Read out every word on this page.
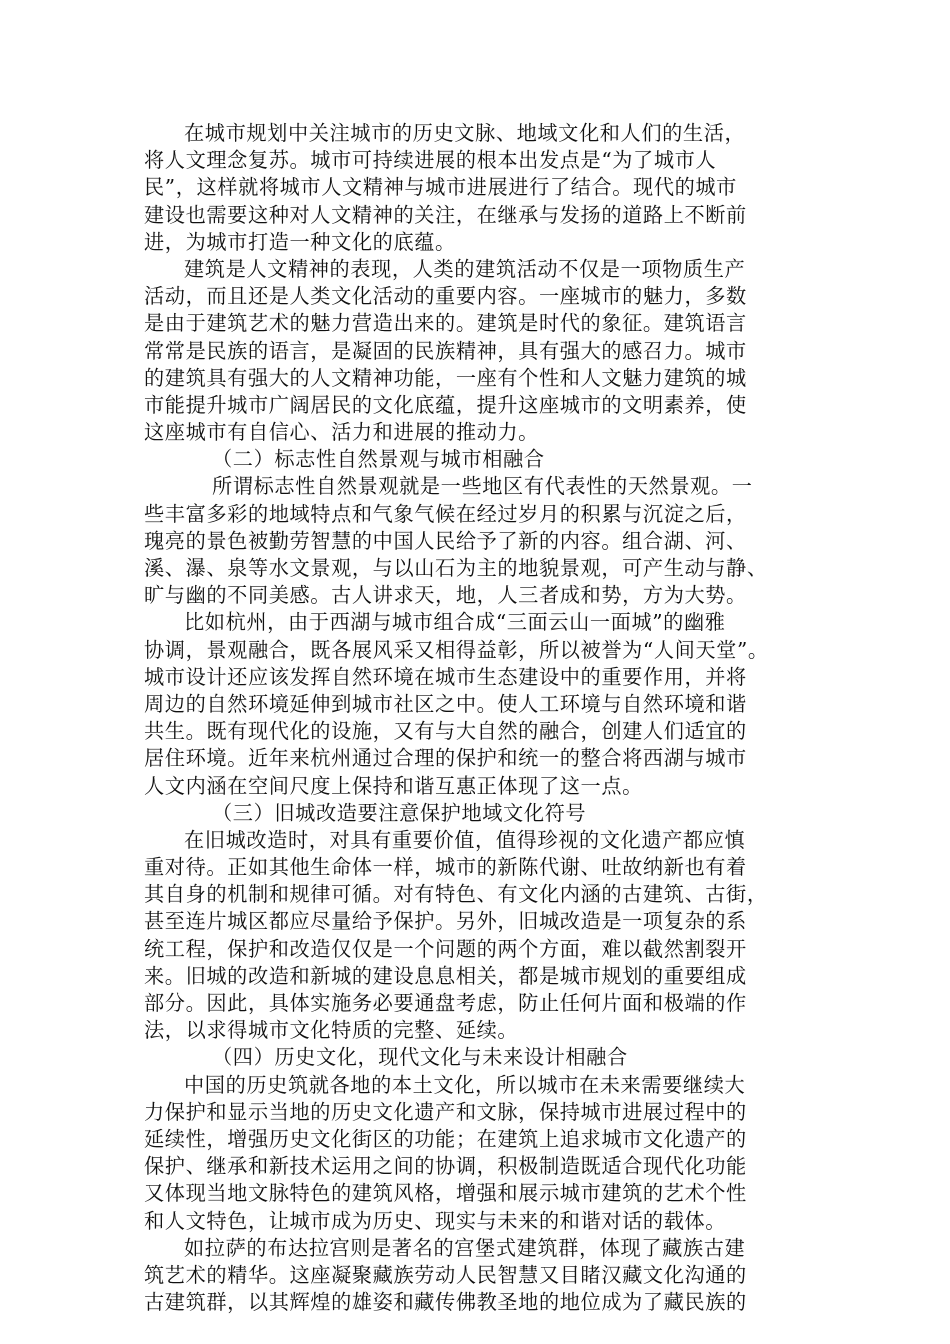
在城市规划中关注城市的历史文脉、地域文化和人们的生活，
将人文理念复苏。城市可持续进展的根本出发点是“为了城市人
民”，这样就将城市人文精神与城市进展进行了结合。现代的城市
建设也需要这种对人文精神的关注，在继承与发扬的道路上不断前
进，为城市打造一种文化的底蕴。
建筑是人文精神的表现，人类的建筑活动不仅是一项物质生产
活动，而且还是人类文化活动的重要内容。一座城市的魅力，多数
是由于建筑艺术的魅力营造出来的。建筑是时代的象征。建筑语言
常常是民族的语言，是凝固的民族精神，具有强大的感召力。城市
的建筑具有强大的人文精神功能，一座有个性和人文魅力建筑的城
市能提升城市广阔居民的文化底蕴，提升这座城市的文明素养，使
这座城市有自信心、活力和进展的推动力。
（二）标志性自然景观与城市相融合
所谓标志性自然景观就是一些地区有代表性的天然景观。一
些丰富多彩的地域特点和气象气候在经过岁月的积累与沉淀之后，
瑰亮的景色被勤劳智慧的中国人民给予了新的内容。组合湖、河、
溪、瀑、泉等水文景观，与以山石为主的地貌景观，可产生动与静、
旷与幽的不同美感。古人讲求天，地，人三者成和势，方为大势。
比如杭州，由于西湖与城市组合成“三面云山一面城”的幽雅
协调，景观融合，既各展风采又相得益彰，所以被誉为“人间天堂”。
城市设计还应该发挥自然环境在城市生态建设中的重要作用，并将
周边的自然环境延伸到城市社区之中。使人工环境与自然环境和谐
共生。既有现代化的设施，又有与大自然的融合，创建人们适宜的
居住环境。近年来杭州通过合理的保护和统一的整合将西湖与城市
人文内涵在空间尺度上保持和谐互惠正体现了这一点。
（三）旧城改造要注意保护地域文化符号
在旧城改造时，对具有重要价值，值得珍视的文化遗产都应慎
重对待。正如其他生命体一样，城市的新陈代谢、吐故纳新也有着
其自身的机制和规律可循。对有特色、有文化内涵的古建筑、古街，
甚至连片城区都应尽量给予保护。另外，旧城改造是一项复杂的系
统工程，保护和改造仅仅是一个问题的两个方面，难以截然割裂开
来。旧城的改造和新城的建设息息相关，都是城市规划的重要组成
部分。因此，具体实施务必要通盘考虑，防止任何片面和极端的作
法，以求得城市文化特质的完整、延续。
（四）历史文化，现代文化与未来设计相融合
中国的历史筑就各地的本土文化，所以城市在未来需要继续大
力保护和显示当地的历史文化遗产和文脉，保持城市进展过程中的
延续性，增强历史文化街区的功能；在建筑上追求城市文化遗产的
保护、继承和新技术运用之间的协调，积极制造既适合现代化功能
又体现当地文脉特色的建筑风格，增强和展示城市建筑的艺术个性
和人文特色，让城市成为历史、现实与未来的和谐对话的载体。
如拉萨的布达拉宫则是著名的宫堡式建筑群，体现了藏族古建
筑艺术的精华。这座凝聚藏族劳动人民智慧又目睹汉藏文化沟通的
古建筑群，以其辉煌的雄姿和藏传佛教圣地的地位成为了藏民族的
